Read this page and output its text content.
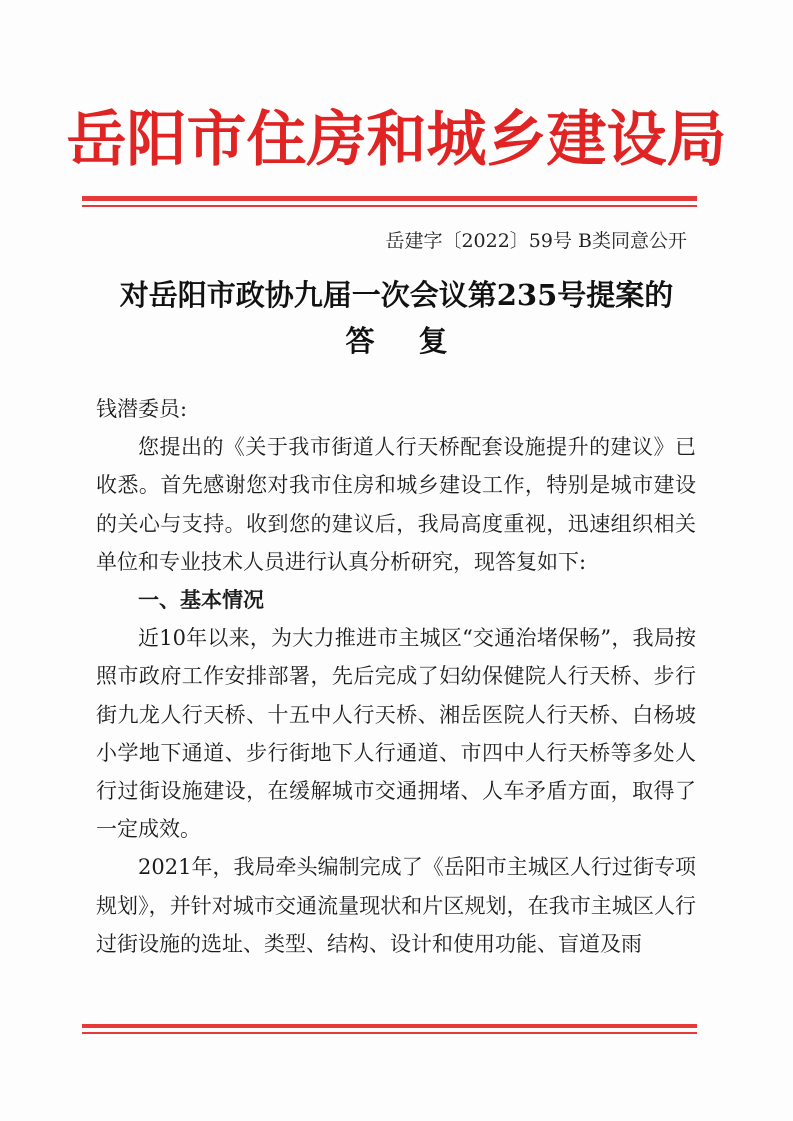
岳阳市住房和城乡建设局
岳建字〔2022〕59号 B类同意公开
对岳阳市政协九届一次会议第235号提案的
答复

钱潜委员:

您提出的《关于我市街道人行天桥配套设施提升的建议》已收悉。首先感谢您对我市住房和城乡建设工作，特别是城市建设的关心与支持。收到您的建议后，我局高度重视，迅速组织相关单位和专业技术人员进行认真分析研究，现答复如下:

一、基本情况

近10年以来，为大力推进市主城区“交通治堵保畅”，我局按照市政府工作安排部署，先后完成了妇幼保健院人行天桥、步行街九龙人行天桥、十五中人行天桥、湘岳医院人行天桥、白杨坡小学地下通道、步行街地下人行通道、市四中人行天桥等多处人行过街设施建设，在缓解城市交通拥堵、人车矛盾方面，取得了一定成效。

2021年，我局牵头编制完成了《岳阳市主城区人行过街专项规划》，并针对城市交通流量现状和片区规划，在我市主城区人行过街设施的选址、类型、结构、设计和使用功能、盲道及雨
